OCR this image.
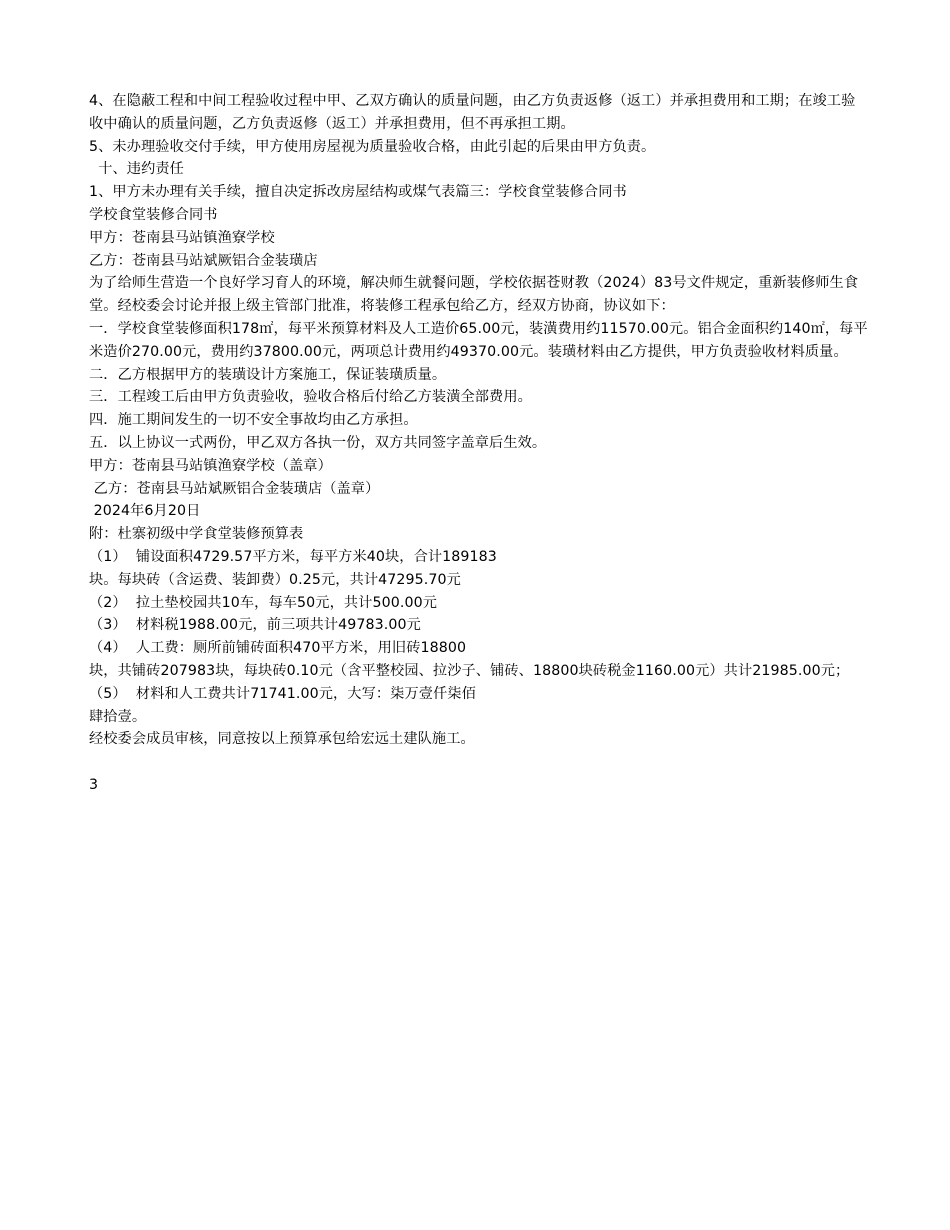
4、在隐蔽工程和中间工程验收过程中甲、乙双方确认的质量问题，由乙方负责返修（返工）并承担费用和工期；在竣工验收中确认的质量问题，乙方负责返修（返工）并承担费用，但不再承担工期。

5、未办理验收交付手续，甲方使用房屋视为质量验收合格，由此引起的后果由甲方负责。

十、违约责任

1、甲方未办理有关手续，擅自决定拆改房屋结构或煤气表篇三：学校食堂装修合同书

学校食堂装修合同书

甲方：苍南县马站镇渔寮学校

乙方：苍南县马站斌厥铝合金装璜店

为了给师生营造一个良好学习育人的环境，解决师生就餐问题，学校依据苍财教（2024）83号文件规定，重新装修师生食堂。经校委会讨论并报上级主管部门批准，将装修工程承包给乙方，经双方协商，协议如下：

一．学校食堂装修面积178㎡，每平米预算材料及人工造价65.00元，装潢费用约11570.00元。铝合金面积约140㎡，每平米造价270.00元，费用约37800.00元，两项总计费用约49370.00元。装璜材料由乙方提供，甲方负责验收材料质量。

二．乙方根据甲方的装璜设计方案施工，保证装璜质量。

三．工程竣工后由甲方负责验收，验收合格后付给乙方装潢全部费用。

四．施工期间发生的一切不安全事故均由乙方承担。

五．以上协议一式两份，甲乙双方各执一份，双方共同签字盖章后生效。

甲方：苍南县马站镇渔寮学校（盖章）

乙方：苍南县马站斌厥铝合金装璜店（盖章）

2024年6月20日

附：杜寨初级中学食堂装修预算表

（1）  铺设面积4729.57平方米，每平方米40块，合计189183

块。每块砖（含运费、装卸费）0.25元，共计47295.70元

（2）  拉土垫校园共10车，每车50元，共计500.00元

（3）  材料税1988.00元，前三项共计49783.00元

（4）  人工费：厕所前铺砖面积470平方米，用旧砖18800

块，共铺砖207983块，每块砖0.10元（含平整校园、拉沙子、铺砖、18800块砖税金1160.00元）共计21985.00元；

（5）  材料和人工费共计71741.00元，大写：柒万壹仟柒佰

肆拾壹。

经校委会成员审核，同意按以上预算承包给宏远土建队施工。

3
